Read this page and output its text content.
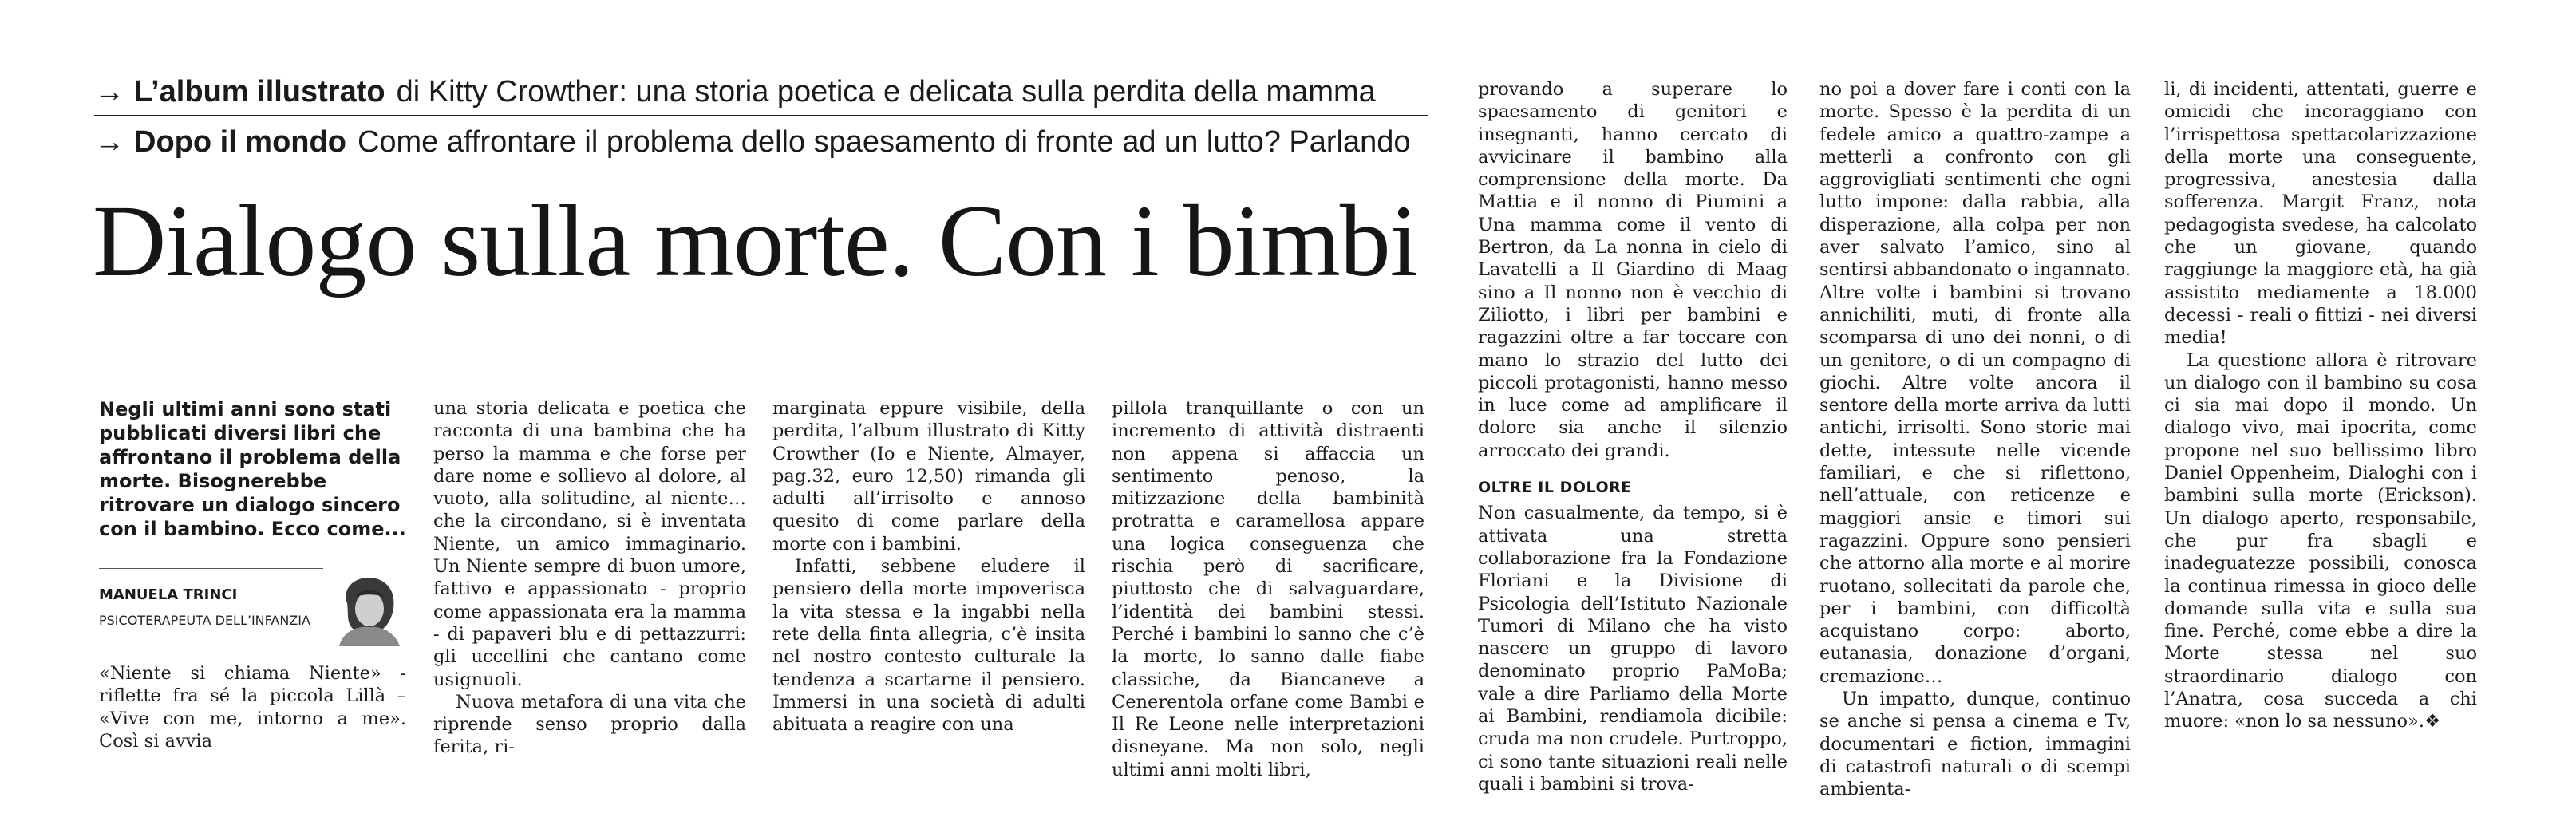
→ L’album illustrato di Kitty Crowther: una storia poetica e delicata sulla perdita della mamma
→ Dopo il mondo Come affrontare il problema dello spaesamento di fronte ad un lutto? Parlando
Dialogo sulla morte. Con i bimbi
Negli ultimi anni sono stati pubblicati diversi libri che affrontano il problema della morte. Bisognerebbe ritrovare un dialogo sincero con il bambino. Ecco come...
MANUELA TRINCI
PSICOTERAPEUTA DELL’INFANZIA

«Niente si chiama Niente» - riflette fra sé la piccola Lillà – «Vive con me, intorno a me». Così si avvia

una storia delicata e poetica che racconta di una bambina che ha perso la mamma e che forse per dare nome e sollievo al dolore, al vuoto, alla solitudine, al niente… che la circondano, si è inventata Niente, un amico immaginario. Un Niente sempre di buon umore, fattivo e appassionato - proprio come appassionata era la mamma - di papaveri blu e di pettazzurri: gli uccellini che cantano come usignuoli.

Nuova metafora di una vita che riprende senso proprio dalla ferita, ri-

marginata eppure visibile, della perdita, l’album illustrato di Kitty Crowther (Io e Niente, Almayer, pag.32, euro 12,50) rimanda gli adulti all’irrisolto e annoso quesito di come parlare della morte con i bambini.

Infatti, sebbene eludere il pensiero della morte impoverisca la vita stessa e la ingabbi nella rete della finta allegria, c’è insita nel nostro contesto culturale la tendenza a scartarne il pensiero. Immersi in una società di adulti abituata a reagire con una

pillola tranquillante o con un incremento di attività distraenti non appena si affaccia un sentimento penoso, la mitizzazione della bambinità protratta e caramellosa appare una logica conseguenza che rischia però di sacrificare, piuttosto che di salvaguardare, l’identità dei bambini stessi. Perché i bambini lo sanno che c’è la morte, lo sanno dalle fiabe classiche, da Biancaneve a Cenerentola orfane come Bambi e Il Re Leone nelle interpretazioni disneyane. Ma non solo, negli ultimi anni molti libri,

provando a superare lo spaesamento di genitori e insegnanti, hanno cercato di avvicinare il bambino alla comprensione della morte. Da Mattia e il nonno di Piumini a Una mamma come il vento di Bertron, da La nonna in cielo di Lavatelli a Il Giardino di Maag sino a Il nonno non è vecchio di Ziliotto, i libri per bambini e ragazzini oltre a far toccare con mano lo strazio del lutto dei piccoli protagonisti, hanno messo in luce come ad amplificare il dolore sia anche il silenzio arroccato dei grandi.

OLTRE IL DOLORE

Non casualmente, da tempo, si è attivata una stretta collaborazione fra la Fondazione Floriani e la Divisione di Psicologia dell’Istituto Nazionale Tumori di Milano che ha visto nascere un gruppo di lavoro denominato proprio PaMoBa; vale a dire Parliamo della Morte ai Bambini, rendiamola dicibile: cruda ma non crudele. Purtroppo, ci sono tante situazioni reali nelle quali i bambini si trova-

no poi a dover fare i conti con la morte. Spesso è la perdita di un fedele amico a quattro-zampe a metterli a confronto con gli aggrovigliati sentimenti che ogni lutto impone: dalla rabbia, alla disperazione, alla colpa per non aver salvato l’amico, sino al sentirsi abbandonato o ingannato. Altre volte i bambini si trovano annichiliti, muti, di fronte alla scomparsa di uno dei nonni, o di un genitore, o di un compagno di giochi. Altre volte ancora il sentore della morte arriva da lutti antichi, irrisolti. Sono storie mai dette, intessute nelle vicende familiari, e che si riflettono, nell’attuale, con reticenze e maggiori ansie e timori sui ragazzini. Oppure sono pensieri che attorno alla morte e al morire ruotano, sollecitati da parole che, per i bambini, con difficoltà acquistano corpo: aborto, eutanasia, donazione d’organi, cremazione…

Un impatto, dunque, continuo se anche si pensa a cinema e Tv, documentari e fiction, immagini di catastrofi naturali o di scempi ambienta-

li, di incidenti, attentati, guerre e omicidi che incoraggiano con l’irrispettosa spettacolarizzazione della morte una conseguente, progressiva, anestesia dalla sofferenza. Margit Franz, nota pedagogista svedese, ha calcolato che un giovane, quando raggiunge la maggiore età, ha già assistito mediamente a 18.000 decessi - reali o fittizi - nei diversi media!

La questione allora è ritrovare un dialogo con il bambino su cosa ci sia mai dopo il mondo. Un dialogo vivo, mai ipocrita, come propone nel suo bellissimo libro Daniel Oppenheim, Dialoghi con i bambini sulla morte (Erickson). Un dialogo aperto, responsabile, che pur fra sbagli e inadeguatezze possibili, conosca la continua rimessa in gioco delle domande sulla vita e sulla sua fine. Perché, come ebbe a dire la Morte stessa nel suo straordinario dialogo con l’Anatra, cosa succeda a chi muore: «non lo sa nessuno».❖
